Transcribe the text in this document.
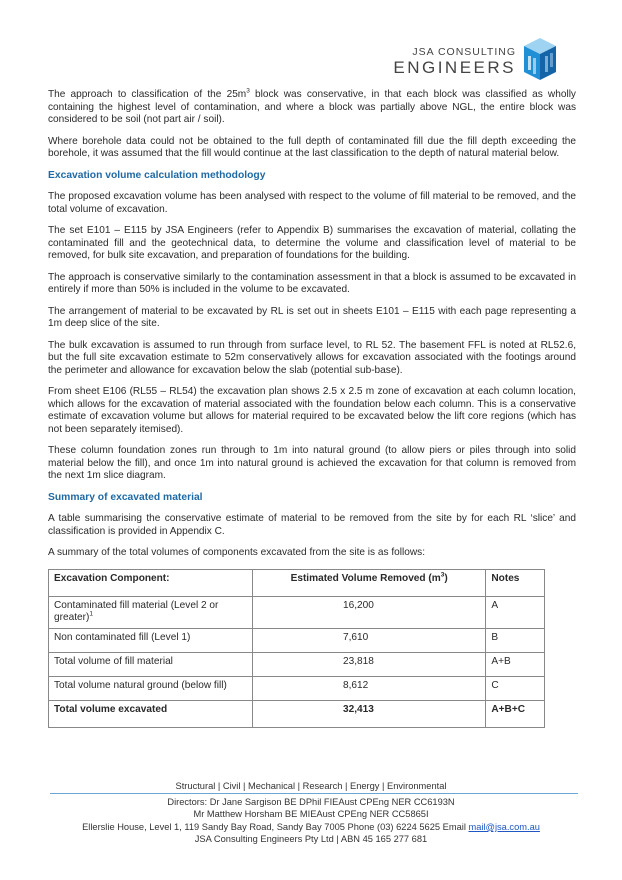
JSA CONSULTING
ENGINEERS

The approach to classification of the $25m^3$ block was conservative, in that each block was classified as wholly containing the highest level of contamination, and where a block was partially above NGL, the entire block was considered to be soil (not part air / soil).

Where borehole data could not be obtained to the full depth of contaminated fill due the fill depth exceeding the borehole, it was assumed that the fill would continue at the last classification to the depth of natural material below.

Excavation volume calculation methodology

The proposed excavation volume has been analysed with respect to the volume of fill material to be removed, and the total volume of excavation.

The set E101 – E115 by JSA Engineers (refer to Appendix B) summarises the excavation of material, collating the contaminated fill and the geotechnical data, to determine the volume and classification level of material to be removed, for bulk site excavation, and preparation of foundations for the building.

The approach is conservative similarly to the contamination assessment in that a block is assumed to be excavated in entirely if more than 50% is included in the volume to be excavated.

The arrangement of material to be excavated by RL is set out in sheets E101 – E115 with each page representing a 1m deep slice of the site.

The bulk excavation is assumed to run through from surface level, to RL 52. The basement FFL is noted at RL52.6, but the full site excavation estimate to 52m conservatively allows for excavation associated with the footings around the perimeter and allowance for excavation below the slab (potential sub-base).

From sheet E106 (RL55 – RL54) the excavation plan shows 2.5 x 2.5 m zone of excavation at each column location, which allows for the excavation of material associated with the foundation below each column. This is a conservative estimate of excavation volume but allows for material required to be excavated below the lift core regions (which has not been separately itemised).

These column foundation zones run through to 1m into natural ground (to allow piers or piles through into solid material below the fill), and once 1m into natural ground is achieved the excavation for that column is removed from the next 1m slice diagram.

Summary of excavated material

A table summarising the conservative estimate of material to be removed from the site by for each RL ‘slice’ and classification is provided in Appendix C.

A summary of the total volumes of components excavated from the site is as follows:

Excavation Component:	Estimated Volume Removed $(m^3)$	Notes
Contaminated fill material (Level 2 or greater)$^1$	16,200	A
Non contaminated fill (Level 1)	7,610	B
Total volume of fill material	23,818	A+B
Total volume natural ground (below fill)	8,612	C
Total volume excavated	32,413	A+B+C
Structural | Civil | Mechanical | Research | Energy | Environmental
Directors: Dr Jane Sargison BE DPhil FIEAust CPEng NER CC6193N
Mr Matthew Horsham BE MIEAust CPEng NER CC5865I
Ellerslie House, Level 1, 119 Sandy Bay Road, Sandy Bay 7005 Phone (03) 6224 5625 Email mail@jsa.com.au
JSA Consulting Engineers Pty Ltd | ABN 45 165 277 681
